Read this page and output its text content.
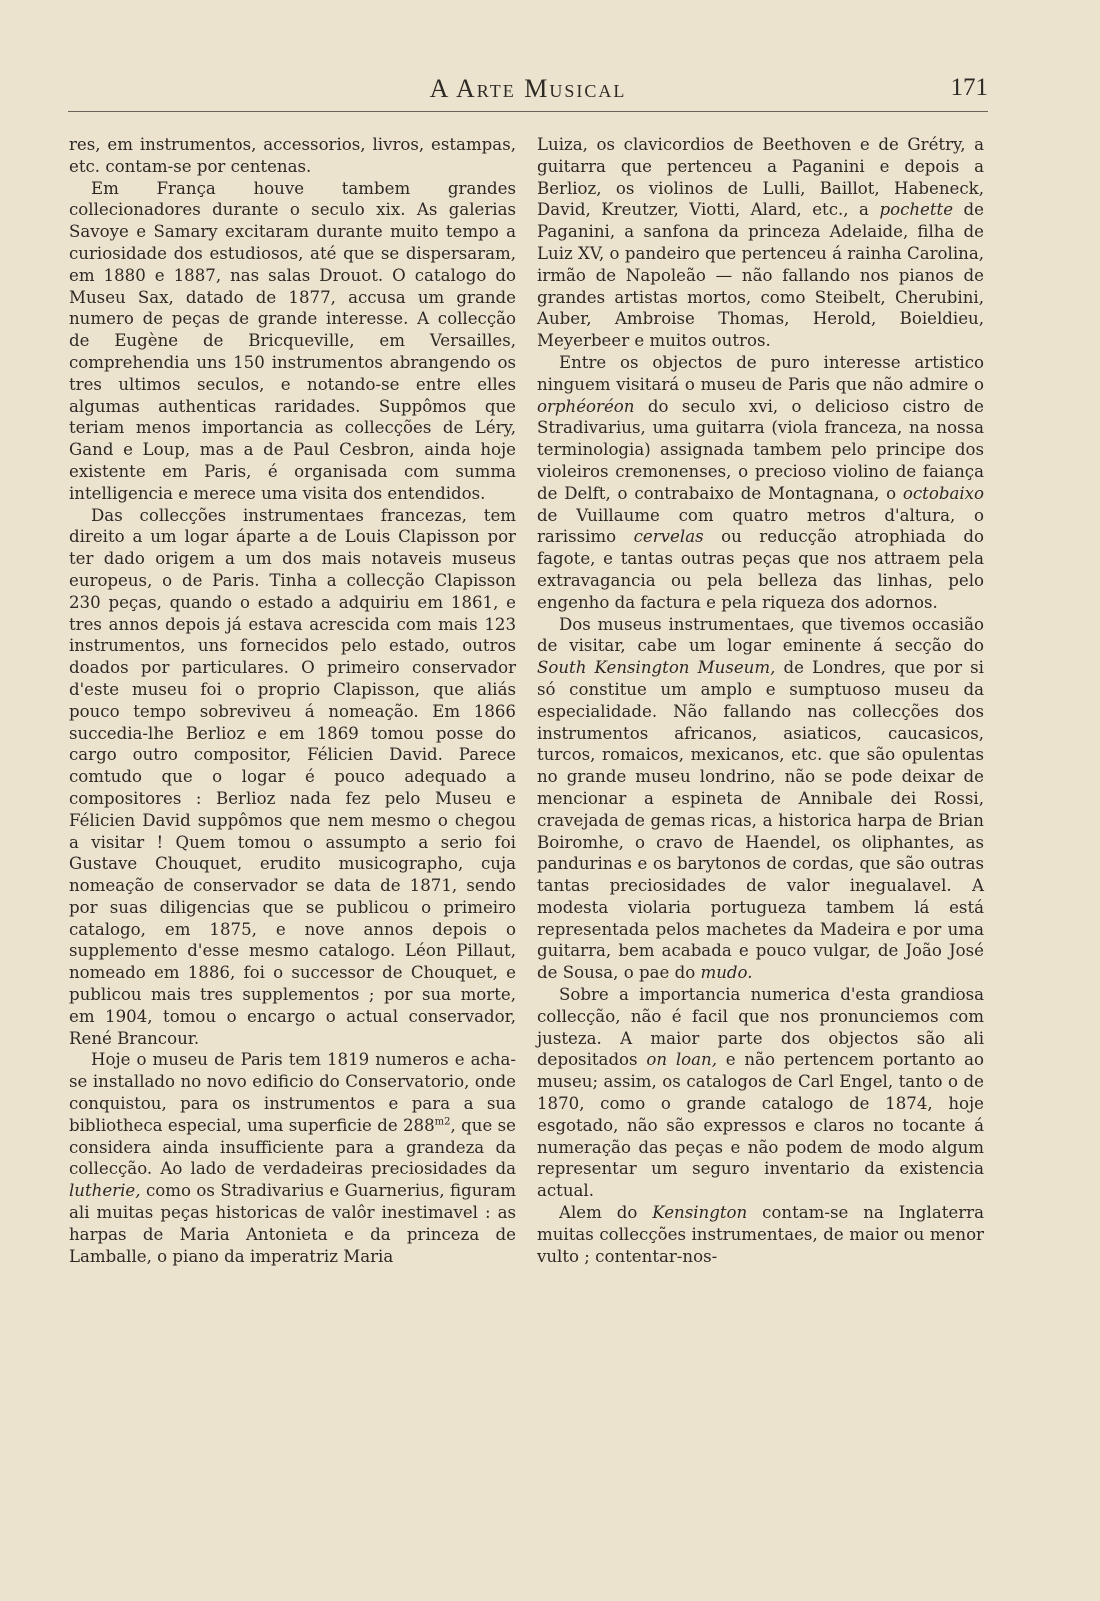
A Arte Musical	171

res, em instrumentos, accessorios, livros, estampas, etc. contam-se por centenas.

Em França houve tambem grandes collecionadores durante o seculo xix. As galerias Savoye e Samary excitaram durante muito tempo a curiosidade dos estudiosos, até que se dispersaram, em 1880 e 1887, nas salas Drouot. O catalogo do Museu Sax, datado de 1877, accusa um grande numero de peças de grande interesse. A collecção de Eugène de Bricqueville, em Versailles, comprehendia uns 150 instrumentos abrangendo os tres ultimos seculos, e notando-se entre elles algumas authenticas raridades. Suppômos que teriam menos importancia as collecções de Léry, Gand e Loup, mas a de Paul Cesbron, ainda hoje existente em Paris, é organisada com summa intelligencia e merece uma visita dos entendidos.

Das collecções instrumentaes francezas, tem direito a um logar áparte a de Louis Clapisson por ter dado origem a um dos mais notaveis museus europeus, o de Paris. Tinha a collecção Clapisson 230 peças, quando o estado a adquiriu em 1861, e tres annos depois já estava acrescida com mais 123 instrumentos, uns fornecidos pelo estado, outros doados por particulares. O primeiro conservador d'este museu foi o proprio Clapisson, que aliás pouco tempo sobreviveu á nomeação. Em 1866 succedia-lhe Berlioz e em 1869 tomou posse do cargo outro compositor, Félicien David. Parece comtudo que o logar é pouco adequado a compositores : Berlioz nada fez pelo Museu e Félicien David suppômos que nem mesmo o chegou a visitar ! Quem tomou o assumpto a serio foi Gustave Chouquet, erudito musicographo, cuja nomeação de conservador se data de 1871, sendo por suas diligencias que se publicou o primeiro catalogo, em 1875, e nove annos depois o supplemento d'esse mesmo catalogo. Léon Pillaut, nomeado em 1886, foi o successor de Chouquet, e publicou mais tres supplementos ; por sua morte, em 1904, tomou o encargo o actual conservador, René Brancour.

Hoje o museu de Paris tem 1819 numeros e acha-se installado no novo edificio do Conservatorio, onde conquistou, para os instrumentos e para a sua bibliotheca especial, uma superficie de $288^{m2}$, que se considera ainda insufficiente para a grandeza da collecção. Ao lado de verdadeiras preciosidades da lutherie, como os Stradivarius e Guarnerius, figuram ali muitas peças historicas de valôr inestimavel : as harpas de Maria Antonieta e da princeza de Lamballe, o piano da imperatriz Maria

Luiza, os clavicordios de Beethoven e de Grétry, a guitarra que pertenceu a Paganini e depois a Berlioz, os violinos de Lulli, Baillot, Habeneck, David, Kreutzer, Viotti, Alard, etc., a pochette de Paganini, a sanfona da princeza Adelaide, filha de Luiz XV, o pandeiro que pertenceu á rainha Carolina, irmão de Napoleão — não fallando nos pianos de grandes artistas mortos, como Steibelt, Cherubini, Auber, Ambroise Thomas, Herold, Boieldieu, Meyerbeer e muitos outros.

Entre os objectos de puro interesse artistico ninguem visitará o museu de Paris que não admire o orphéoréon do seculo xvi, o delicioso cistro de Stradivarius, uma guitarra (viola franceza, na nossa terminologia) assignada tambem pelo principe dos violeiros cremonenses, o precioso violino de faiança de Delft, o contrabaixo de Montagnana, o octobaixo de Vuillaume com quatro metros d'altura, o rarissimo cervelas ou reducção atrophiada do fagote, e tantas outras peças que nos attraem pela extravagancia ou pela belleza das linhas, pelo engenho da factura e pela riqueza dos adornos.

Dos museus instrumentaes, que tivemos occasião de visitar, cabe um logar eminente á secção do South Kensington Museum, de Londres, que por si só constitue um amplo e sumptuoso museu da especialidade. Não fallando nas collecções dos instrumentos africanos, asiaticos, caucasicos, turcos, romaicos, mexicanos, etc. que são opulentas no grande museu londrino, não se pode deixar de mencionar a espineta de Annibale dei Rossi, cravejada de gemas ricas, a historica harpa de Brian Boiromhe, o cravo de Haendel, os oliphantes, as pandurinas e os barytonos de cordas, que são outras tantas preciosidades de valor inegualavel. A modesta violaria portugueza tambem lá está representada pelos machetes da Madeira e por uma guitarra, bem acabada e pouco vulgar, de João José de Sousa, o pae do mudo.

Sobre a importancia numerica d'esta grandiosa collecção, não é facil que nos pronunciemos com justeza. A maior parte dos objectos são ali depositados on loan, e não pertencem portanto ao museu; assim, os catalogos de Carl Engel, tanto o de 1870, como o grande catalogo de 1874, hoje esgotado, não são expressos e claros no tocante á numeração das peças e não podem de modo algum representar um seguro inventario da existencia actual.

Alem do Kensington contam-se na Inglaterra muitas collecções instrumentaes, de maior ou menor vulto ; contentar-nos-
